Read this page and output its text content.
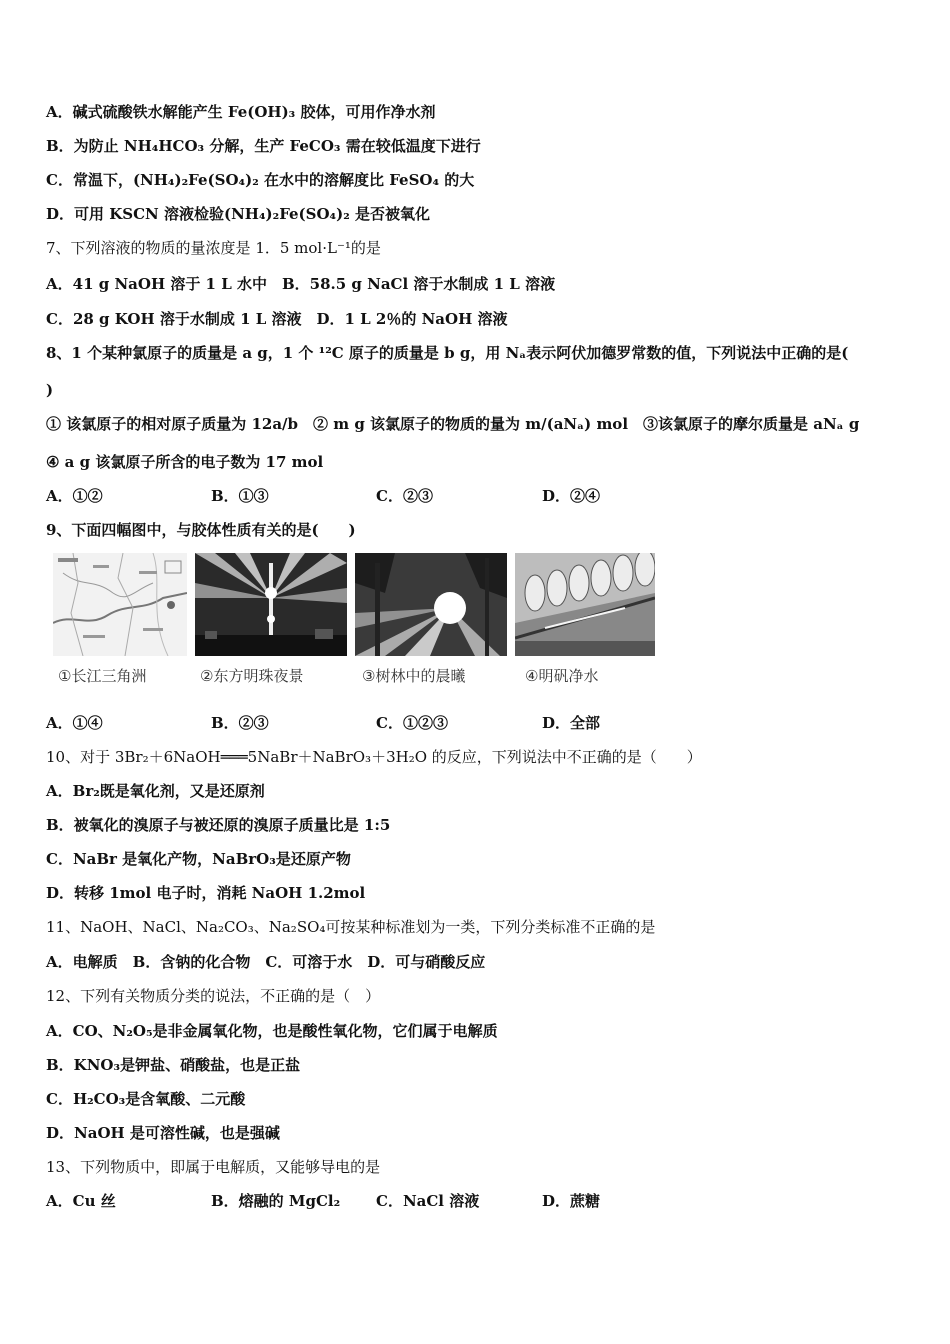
A．碱式硫酸铁水解能产生 Fe(OH)₃ 胶体，可用作净水剂
B．为防止 NH₄HCO₃ 分解，生产 FeCO₃ 需在较低温度下进行
C．常温下，(NH₄)₂Fe(SO₄)₂ 在水中的溶解度比 FeSO₄ 的大
D．可用 KSCN 溶液检验(NH₄)₂Fe(SO₄)₂ 是否被氧化
7、下列溶液的物质的量浓度是 1．5 mol·L⁻¹的是
A．41 g NaOH 溶于 1 L 水中　B．58.5 g NaCl 溶于水制成 1 L 溶液
C．28 g KOH 溶于水制成 1 L 溶液　D．1 L 2％的 NaOH 溶液
8、1 个某种氯原子的质量是 a g，1 个 ¹²C 原子的质量是 b g，用 Nₐ表示阿伏加德罗常数的值，下列说法中正确的是(
)
① 该氯原子的相对原子质量为 12a/b　② m g 该氯原子的物质的量为 m/(aNₐ) mol　③该氯原子的摩尔质量是 aNₐ g
④ a g 该氯原子所含的电子数为 17 mol
A．①②	B．①③	C．②③	D．②④
9、下面四幅图中，与胶体性质有关的是(　　)
①长江三角洲	②东方明珠夜景	③树林中的晨曦	④明矾净水
A．①④	B．②③	C．①②③	D．全部
10、对于 3Br₂＋6NaOH═══5NaBr＋NaBrO₃＋3H₂O 的反应，下列说法中不正确的是（　　）
A．Br₂既是氧化剂，又是还原剂
B．被氧化的溴原子与被还原的溴原子质量比是 1:5
C．NaBr 是氧化产物，NaBrO₃是还原产物
D．转移 1mol 电子时，消耗 NaOH 1.2mol
11、NaOH、NaCl、Na₂CO₃、Na₂SO₄可按某种标准划为一类，下列分类标准不正确的是
A．电解质　B．含钠的化合物　C．可溶于水　D．可与硝酸反应
12、下列有关物质分类的说法，不正确的是（　）
A．CO、N₂O₅是非金属氧化物，也是酸性氧化物，它们属于电解质
B．KNO₃是钾盐、硝酸盐，也是正盐
C．H₂CO₃是含氧酸、二元酸
D．NaOH 是可溶性碱，也是强碱
13、下列物质中，即属于电解质，又能够导电的是
A．Cu 丝	B．熔融的 MgCl₂ C．NaCl 溶液	D．蔗糖
